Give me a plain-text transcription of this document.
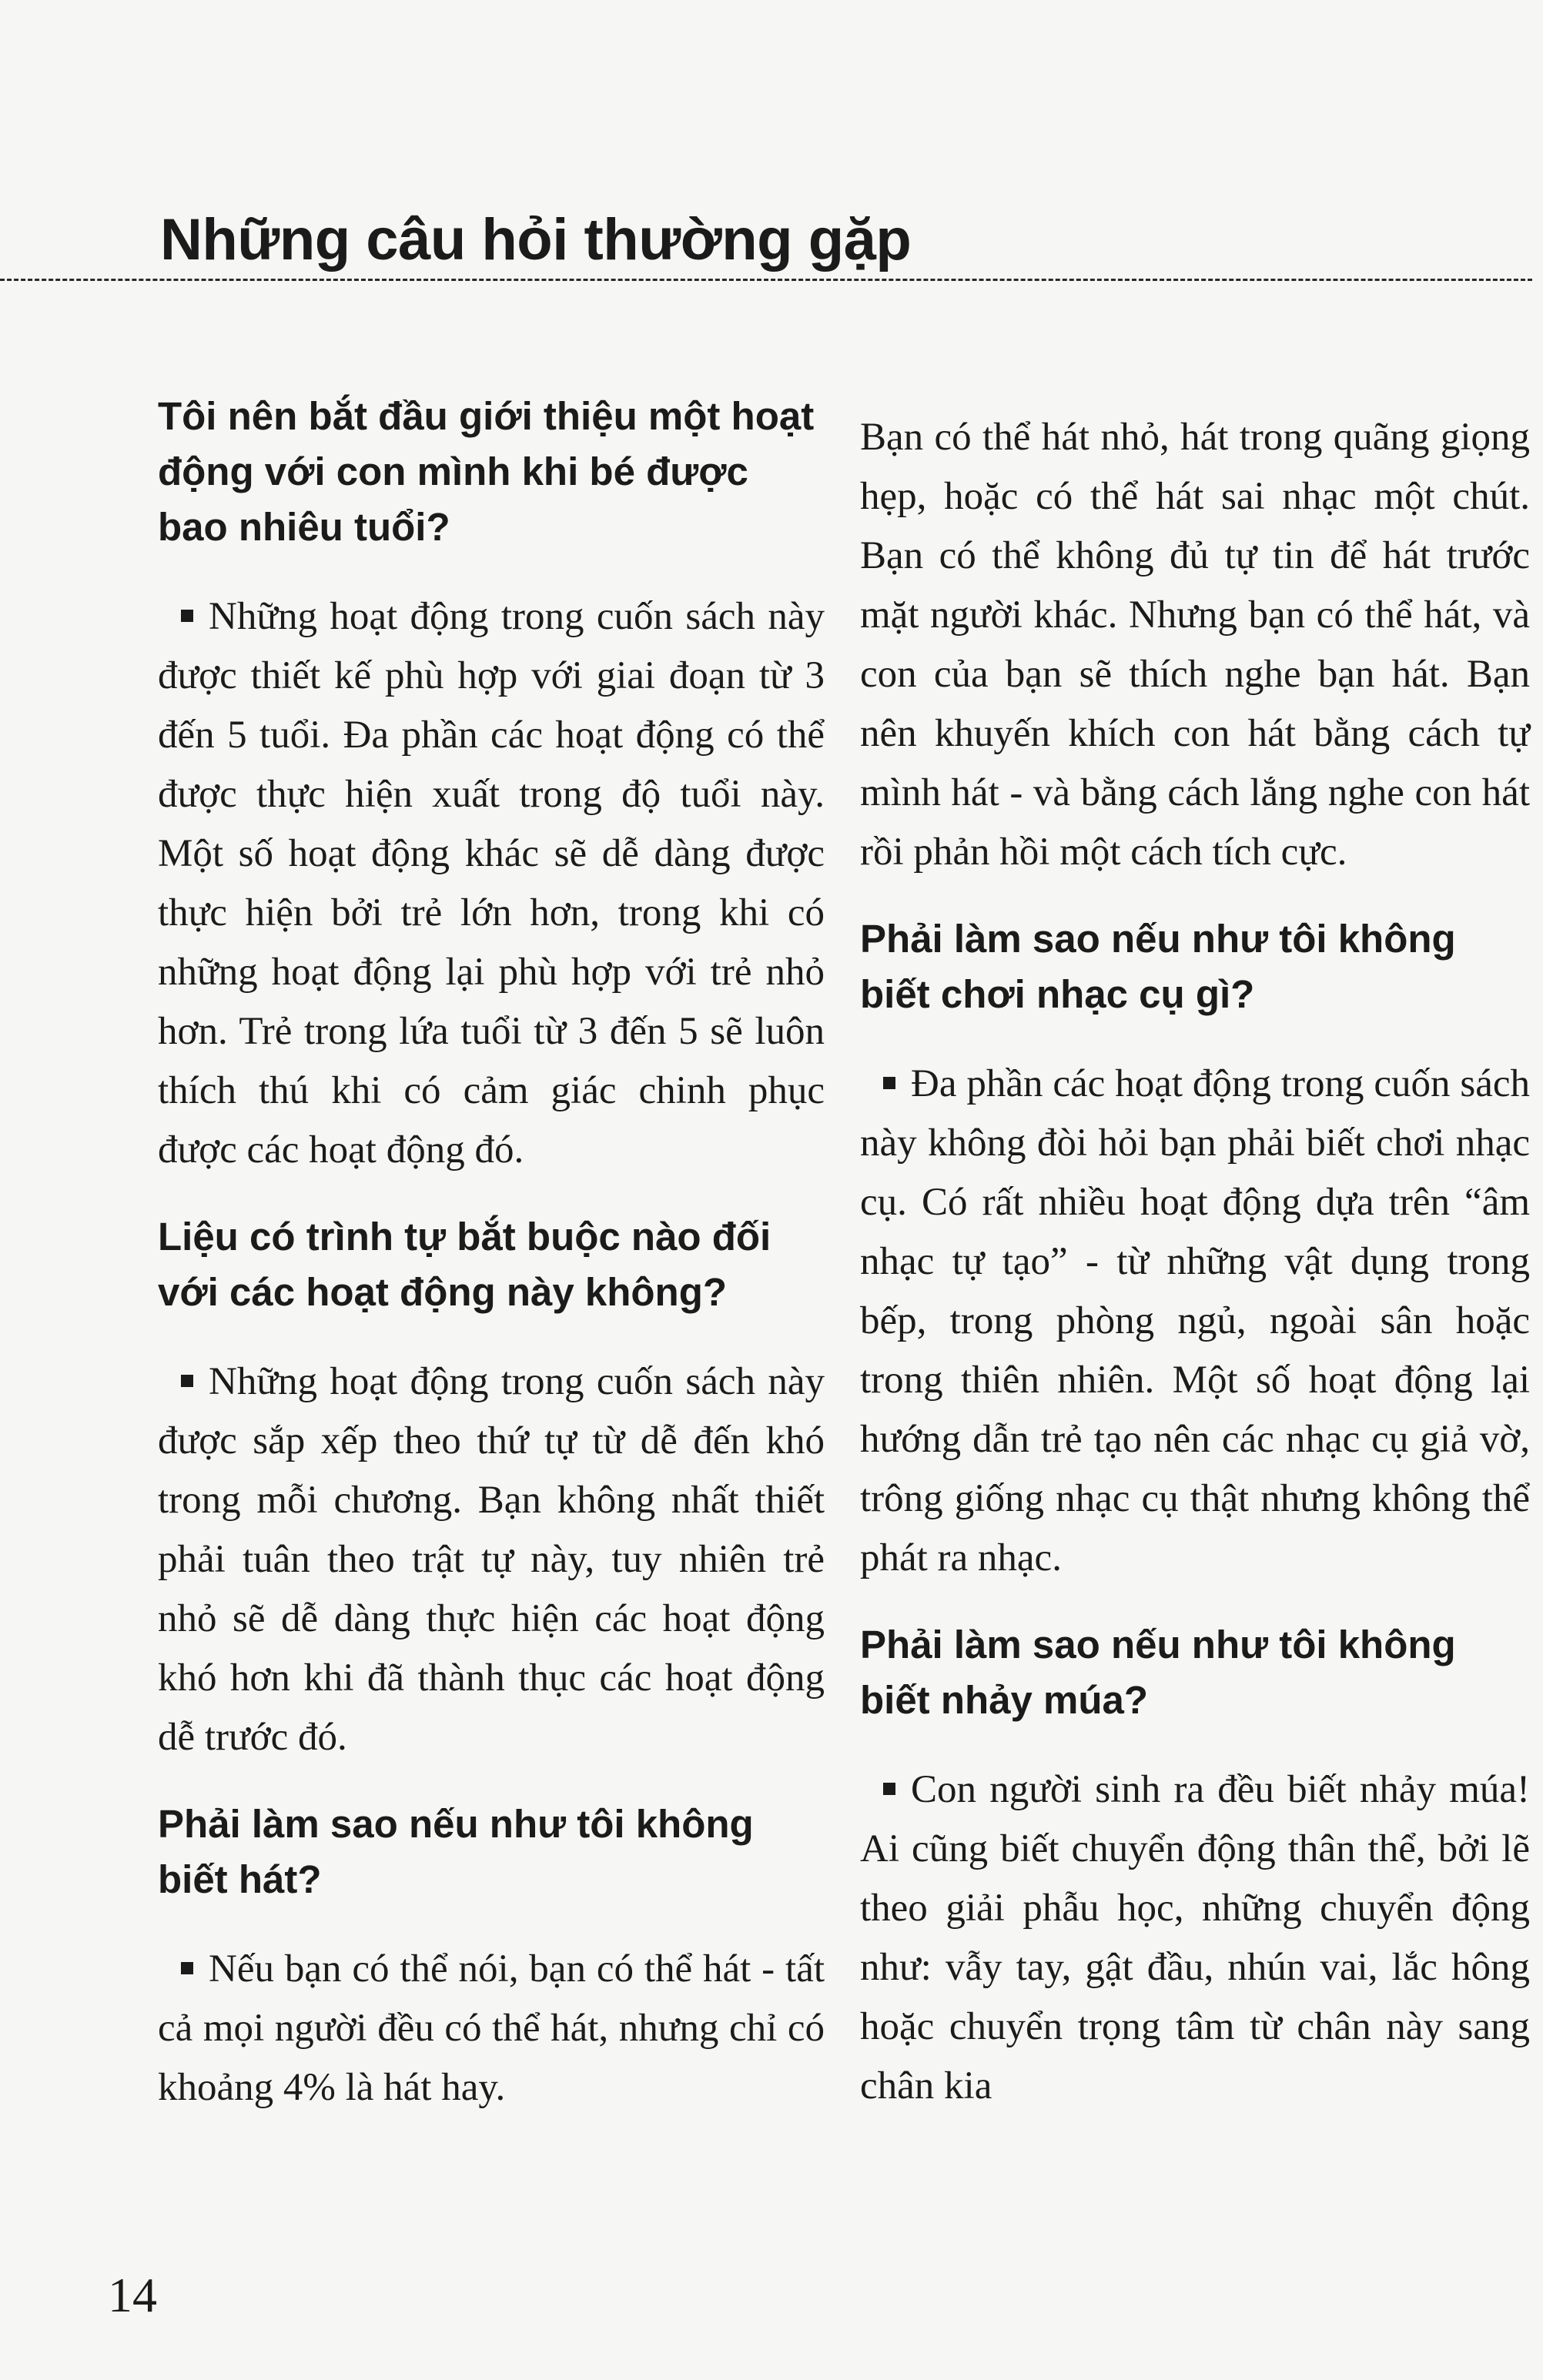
Những câu hỏi thường gặp

Tôi nên bắt đầu giới thiệu một hoạt động với con mình khi bé được bao nhiêu tuổi?

Những hoạt động trong cuốn sách này được thiết kế phù hợp với giai đoạn từ 3 đến 5 tuổi. Đa phần các hoạt động có thể được thực hiện xuất trong độ tuổi này. Một số hoạt động khác sẽ dễ dàng được thực hiện bởi trẻ lớn hơn, trong khi có những hoạt động lại phù hợp với trẻ nhỏ hơn. Trẻ trong lứa tuổi từ 3 đến 5 sẽ luôn thích thú khi có cảm giác chinh phục được các hoạt động đó.

Liệu có trình tự bắt buộc nào đối với các hoạt động này không?

Những hoạt động trong cuốn sách này được sắp xếp theo thứ tự từ dễ đến khó trong mỗi chương. Bạn không nhất thiết phải tuân theo trật tự này, tuy nhiên trẻ nhỏ sẽ dễ dàng thực hiện các hoạt động khó hơn khi đã thành thục các hoạt động dễ trước đó.

Phải làm sao nếu như tôi không biết hát?

Nếu bạn có thể nói, bạn có thể hát - tất cả mọi người đều có thể hát, nhưng chỉ có khoảng 4% là hát hay.

Bạn có thể hát nhỏ, hát trong quãng giọng hẹp, hoặc có thể hát sai nhạc một chút. Bạn có thể không đủ tự tin để hát trước mặt người khác. Nhưng bạn có thể hát, và con của bạn sẽ thích nghe bạn hát. Bạn nên khuyến khích con hát bằng cách tự mình hát - và bằng cách lắng nghe con hát rồi phản hồi một cách tích cực.

Phải làm sao nếu như tôi không biết chơi nhạc cụ gì?

Đa phần các hoạt động trong cuốn sách này không đòi hỏi bạn phải biết chơi nhạc cụ. Có rất nhiều hoạt động dựa trên “âm nhạc tự tạo” - từ những vật dụng trong bếp, trong phòng ngủ, ngoài sân hoặc trong thiên nhiên. Một số hoạt động lại hướng dẫn trẻ tạo nên các nhạc cụ giả vờ, trông giống nhạc cụ thật nhưng không thể phát ra nhạc.

Phải làm sao nếu như tôi không biết nhảy múa?

Con người sinh ra đều biết nhảy múa! Ai cũng biết chuyển động thân thể, bởi lẽ theo giải phẫu học, những chuyển động như: vẫy tay, gật đầu, nhún vai, lắc hông hoặc chuyển trọng tâm từ chân này sang chân kia

14
